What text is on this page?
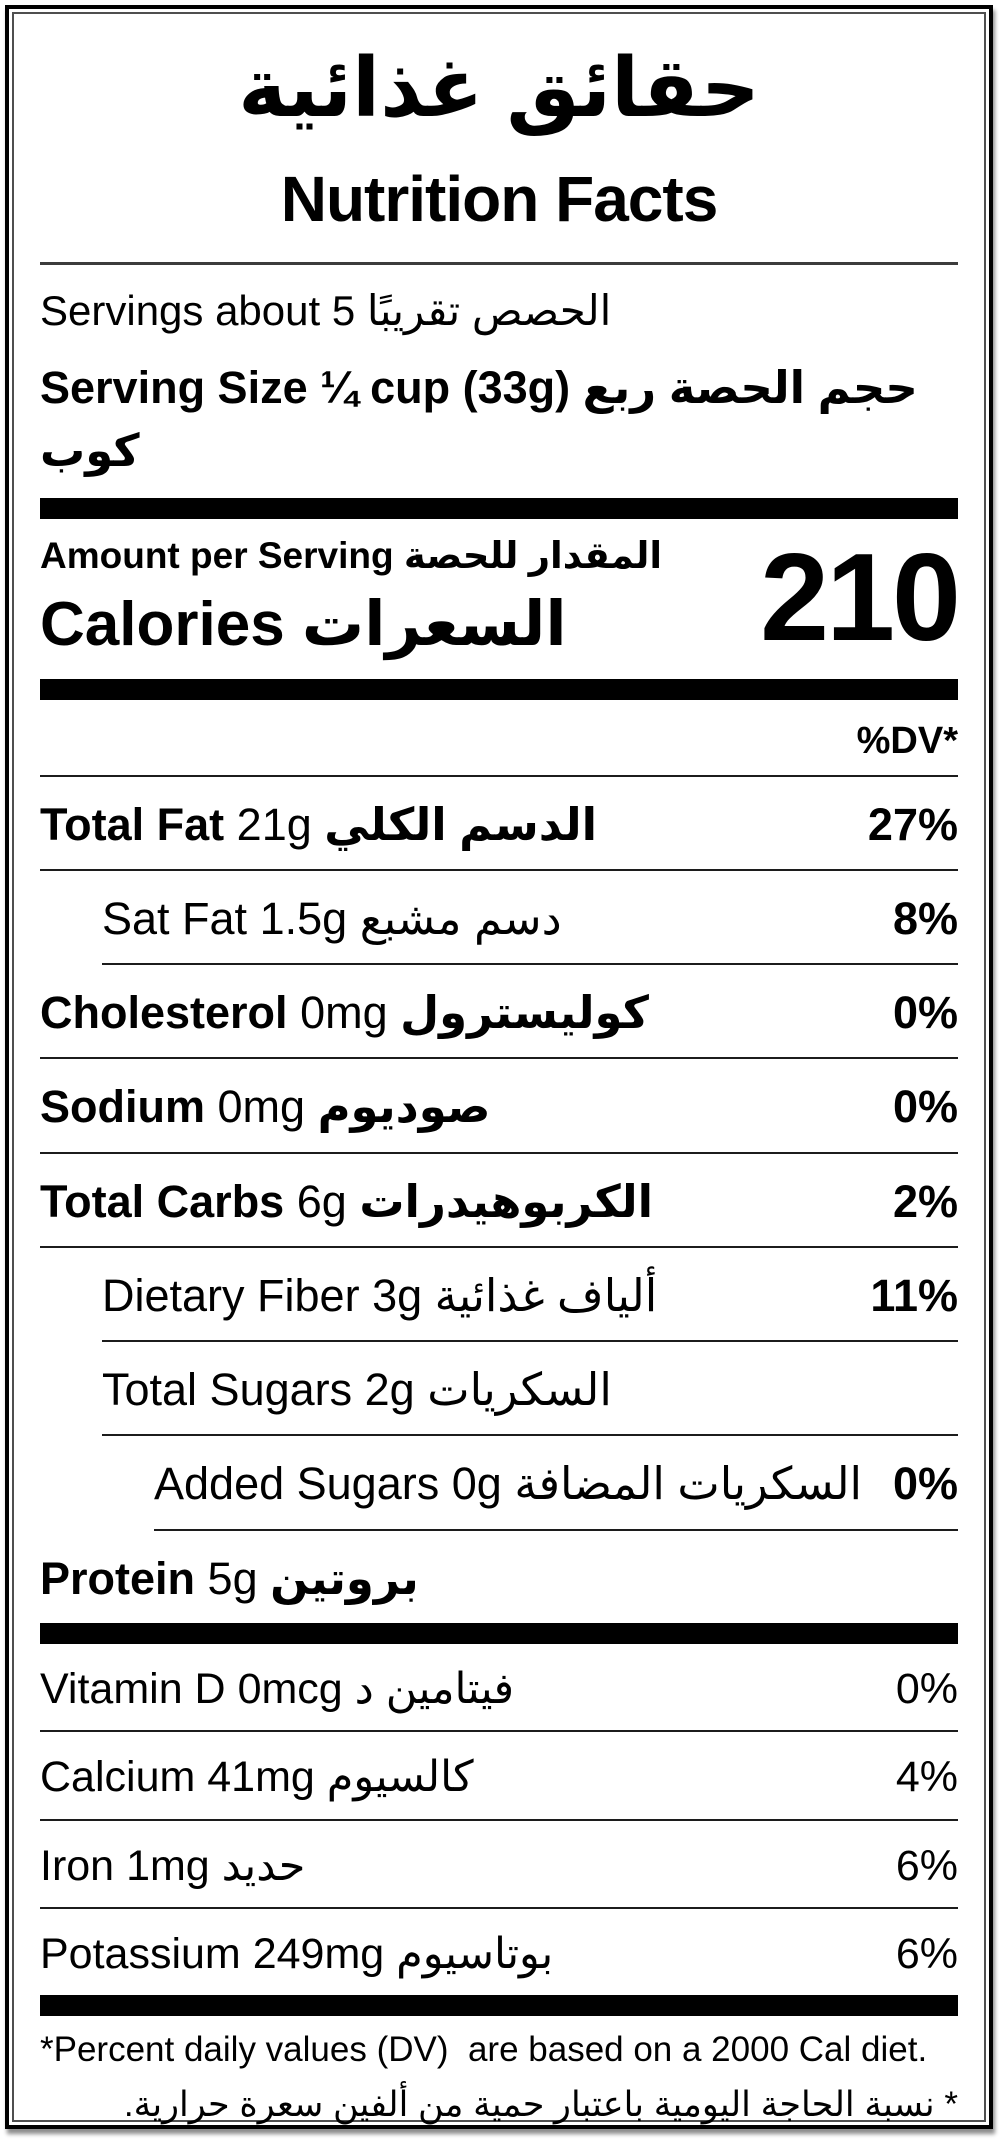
حقائق غذائية
Nutrition Facts
Servings about 5 الحصص تقريبًا
Serving Size ¼ cup (33g) حجم الحصة ربع كوب
Amount per Serving المقدار للحصة
Calories السعرات	210
%DV*
Total Fat 21g الدسم الكلي	27%
Sat Fat 1.5g دسم مشبع	8%
Cholesterol 0mg كوليسترول	0%
Sodium 0mg صوديوم	0%
Total Carbs 6g الكربوهيدرات	2%
Dietary Fiber 3g ألياف غذائية	11%
Total Sugars 2g السكريات
Added Sugars 0g السكريات المضافة 0%
Protein 5g بروتين
Vitamin D 0mcg فيتامين د	0%
Calcium 41mg كالسيوم	4%
Iron 1mg حديد	6%
Potassium 249mg بوتاسيوم	6%
*Percent daily values (DV)  are based on a 2000 Cal diet.
* نسبة الحاجة اليومية باعتبار حمية من ألفين سعرة حرارية.
